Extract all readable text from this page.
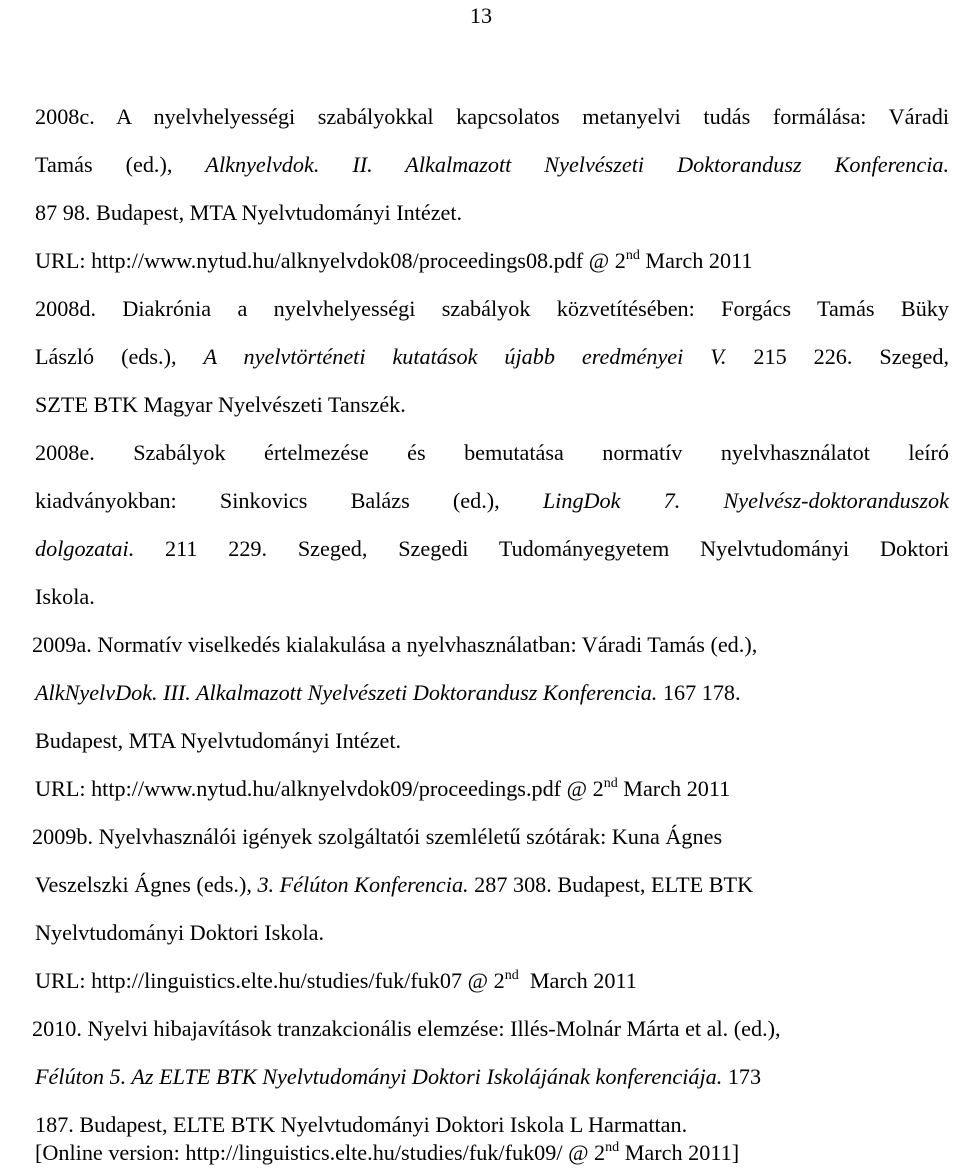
13
2008c. A nyelvhelyességi szabályokkal kapcsolatos metanyelvi tudás formálása: Váradi
Tamás (ed.), Alknyelvdok. II. Alkalmazott Nyelvészeti Doktorandusz Konferencia.
87 98. Budapest, MTA Nyelvtudományi Intézet.
URL: http://www.nytud.hu/alknyelvdok08/proceedings08.pdf @ 2nd March 2011
2008d. Diakrónia a nyelvhelyességi szabályok közvetítésében: Forgács Tamás Büky
László (eds.), A nyelvtörténeti kutatások újabb eredményei V. 215 226. Szeged,
SZTE BTK Magyar Nyelvészeti Tanszék.
2008e. Szabályok értelmezése és bemutatása normatív nyelvhasználatot leíró
kiadványokban: Sinkovics Balázs (ed.), LingDok 7. Nyelvész-doktoranduszok
dolgozatai. 211 229. Szeged, Szegedi Tudományegyetem Nyelvtudományi Doktori
Iskola.
2009a. Normatív viselkedés kialakulása a nyelvhasználatban: Váradi Tamás (ed.),
AlkNyelvDok. III. Alkalmazott Nyelvészeti Doktorandusz Konferencia. 167 178.
Budapest, MTA Nyelvtudományi Intézet.
URL: http://www.nytud.hu/alknyelvdok09/proceedings.pdf @ 2nd March 2011
2009b. Nyelvhasználói igények szolgáltatói szemléletű szótárak: Kuna Ágnes
Veszelszki Ágnes (eds.), 3. Félúton Konferencia. 287 308. Budapest, ELTE BTK
Nyelvtudományi Doktori Iskola.
URL: http://linguistics.elte.hu/studies/fuk/fuk07 @ 2nd  March 2011
2010. Nyelvi hibajavítások tranzakcionális elemzése: Illés-Molnár Márta et al. (ed.),
Félúton 5. Az ELTE BTK Nyelvtudományi Doktori Iskolájának konferenciája. 173
187. Budapest, ELTE BTK Nyelvtudományi Doktori Iskola L Harmattan.
[Online version: http://linguistics.elte.hu/studies/fuk/fuk09/ @ 2nd March 2011]
